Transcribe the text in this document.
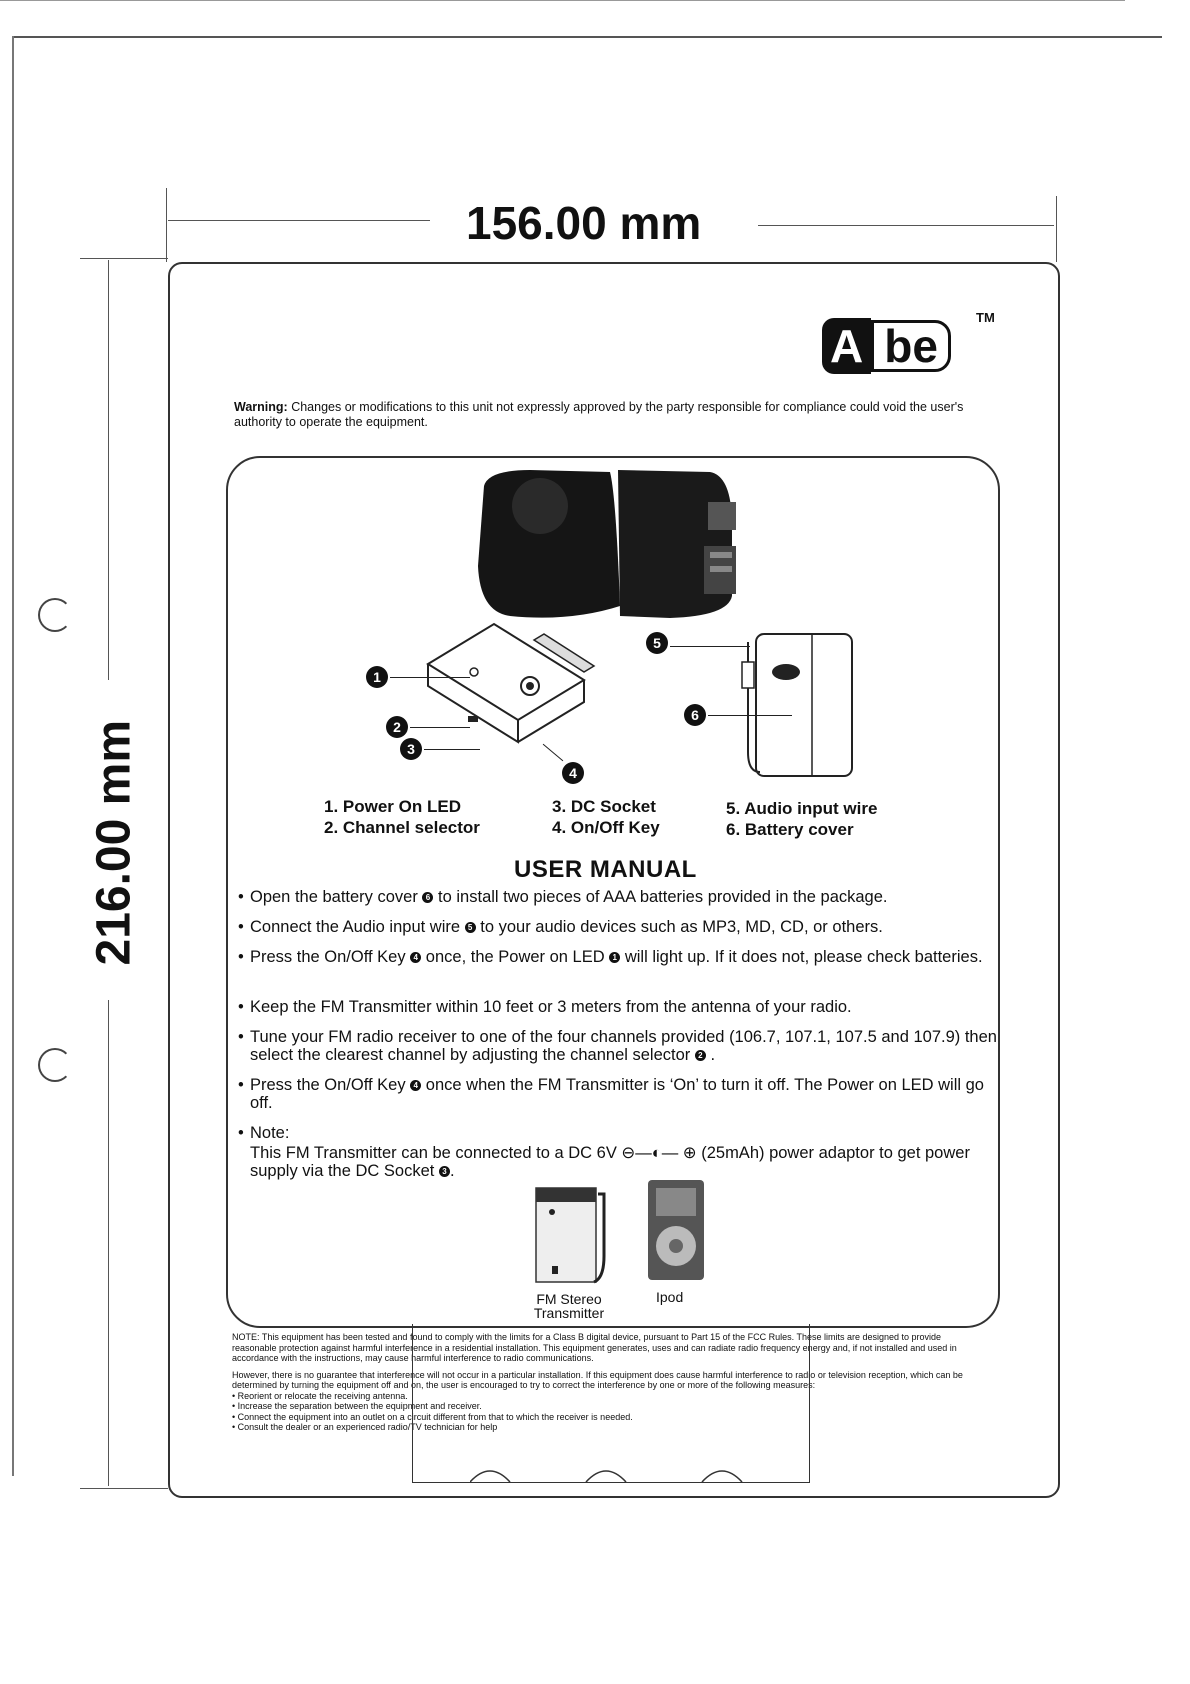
156.00 mm
216.00 mm
A be
TM
Warning: Changes or modifications to this unit not expressly approved by the party responsible for compliance could void the user's authority to operate the equipment.
1
2
3
4
5
6
1. Power On LED
2. Channel selector
3. DC Socket
4. On/Off Key
5. Audio input wire
6. Battery cover
USER MANUAL
• Open the battery cover 6 to install two pieces of AAA batteries provided in the package.
• Connect the Audio input wire 5 to your audio devices such as MP3, MD, CD, or others.
• Press the On/Off Key 4 once, the Power on LED 1 will light up. If it does not, please check batteries.
• Keep the FM Transmitter within 10 feet or 3 meters from the antenna of your radio.
• Tune your FM radio receiver to one of the four channels provided (106.7, 107.1, 107.5 and 107.9) then select the clearest channel by adjusting the channel selector 2 .
• Press the On/Off Key 4 once when the FM Transmitter is ‘On’ to turn it off. The Power on LED will go off.
• Note:
This FM Transmitter can be connected to a DC 6V ⊖—◐— ⊕ (25mAh) power adaptor to get power supply via the DC Socket 3 .
FM Stereo Transmitter
Ipod
NOTE: This equipment has been tested and found to comply with the limits for a Class B digital device, pursuant to Part 15 of the FCC Rules. These limits are designed to provide reasonable protection against harmful interference in a residential installation. This equipment generates, uses and can radiate radio frequency energy and, if not installed and used in accordance with the instructions, may cause harmful interference to radio communications.
However, there is no guarantee that interference will not occur in a particular installation. If this equipment does cause harmful interference to radio or television reception, which can be determined by turning the equipment off and on, the user is encouraged to try to correct the interference by one or more of the following measures:
• Reorient or relocate the receiving antenna.
• Increase the separation between the equipment and receiver.
• Connect the equipment into an outlet on a circuit different from that to which the receiver is needed.
• Consult the dealer or an experienced radio/TV technician for help
